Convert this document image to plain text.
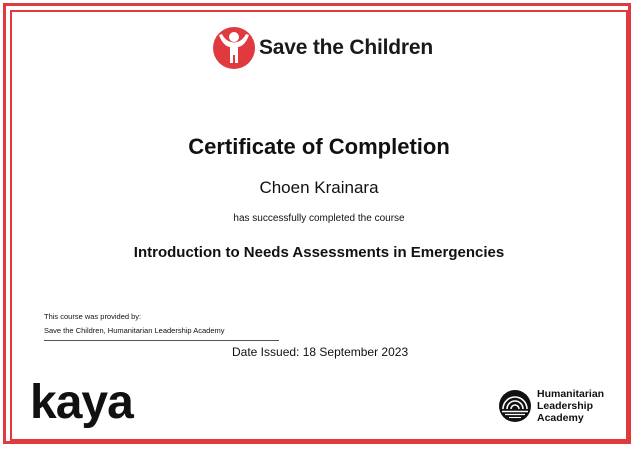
Save the Children
Certificate of Completion
Choen Krainara
has successfully completed the course
Introduction to Needs Assessments in Emergencies
This course was provided by:
Save the Children, Humanitarian Leadership Academy
Date Issued: 18 September 2023
kaya	Humanitarian
Leadership
Academy
